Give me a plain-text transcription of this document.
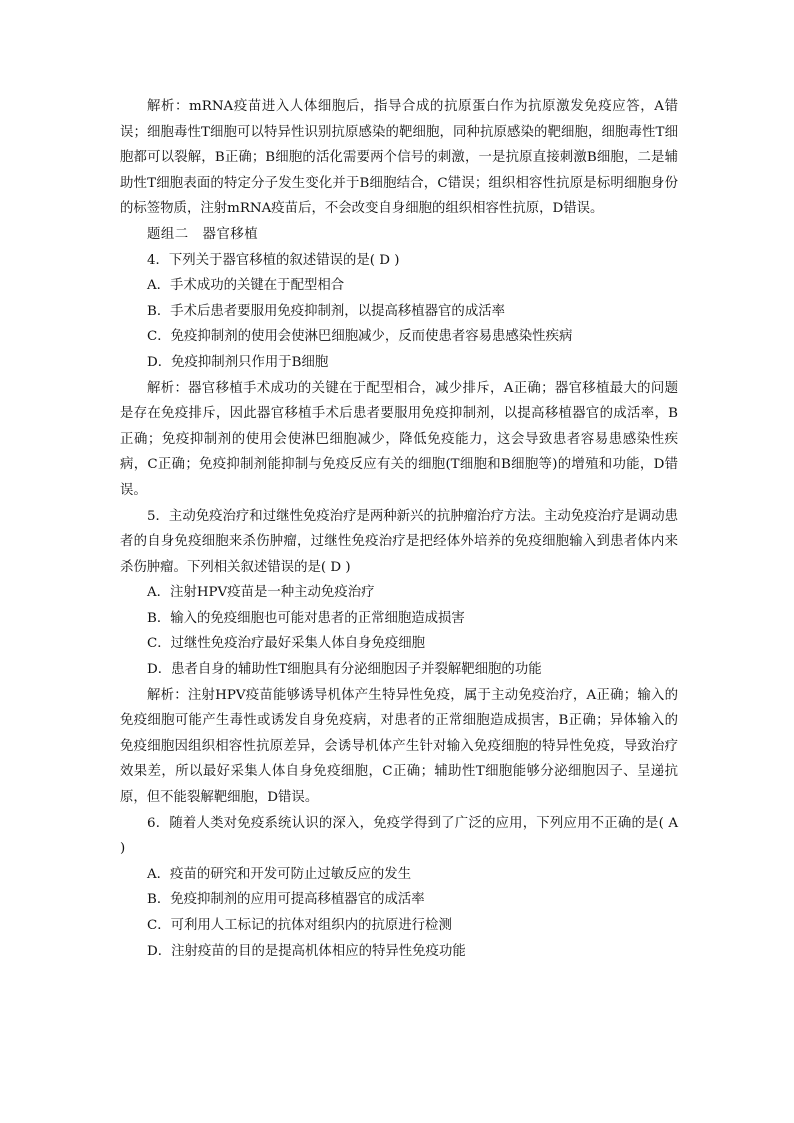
解析：mRNA疫苗进入人体细胞后，指导合成的抗原蛋白作为抗原激发免疫应答，A错误；细胞毒性T细胞可以特异性识别抗原感染的靶细胞，同种抗原感染的靶细胞，细胞毒性T细胞都可以裂解，B正确；B细胞的活化需要两个信号的刺激，一是抗原直接刺激B细胞，二是辅助性T细胞表面的特定分子发生变化并于B细胞结合，C错误；组织相容性抗原是标明细胞身份的标签物质，注射mRNA疫苗后，不会改变自身细胞的组织相容性抗原，D错误。

题组二　器官移植

4．下列关于器官移植的叙述错误的是( D )

A．手术成功的关键在于配型相合

B．手术后患者要服用免疫抑制剂，以提高移植器官的成活率

C．免疫抑制剂的使用会使淋巴细胞减少，反而使患者容易患感染性疾病

D．免疫抑制剂只作用于B细胞

解析：器官移植手术成功的关键在于配型相合，减少排斥，A正确；器官移植最大的问题是存在免疫排斥，因此器官移植手术后患者要服用免疫抑制剂，以提高移植器官的成活率，B正确；免疫抑制剂的使用会使淋巴细胞减少，降低免疫能力，这会导致患者容易患感染性疾病，C正确；免疫抑制剂能抑制与免疫反应有关的细胞(T细胞和B细胞等)的增殖和功能，D错误。

5．主动免疫治疗和过继性免疫治疗是两种新兴的抗肿瘤治疗方法。主动免疫治疗是调动患者的自身免疫细胞来杀伤肿瘤，过继性免疫治疗是把经体外培养的免疫细胞输入到患者体内来杀伤肿瘤。下列相关叙述错误的是( D )

A．注射HPV疫苗是一种主动免疫治疗

B．输入的免疫细胞也可能对患者的正常细胞造成损害

C．过继性免疫治疗最好采集人体自身免疫细胞

D．患者自身的辅助性T细胞具有分泌细胞因子并裂解靶细胞的功能

解析：注射HPV疫苗能够诱导机体产生特异性免疫，属于主动免疫治疗，A正确；输入的免疫细胞可能产生毒性或诱发自身免疫病，对患者的正常细胞造成损害，B正确；异体输入的免疫细胞因组织相容性抗原差异，会诱导机体产生针对输入免疫细胞的特异性免疫，导致治疗效果差，所以最好采集人体自身免疫细胞，C正确；辅助性T细胞能够分泌细胞因子、呈递抗原，但不能裂解靶细胞，D错误。

6．随着人类对免疫系统认识的深入，免疫学得到了广泛的应用，下列应用不正确的是( A )

A．疫苗的研究和开发可防止过敏反应的发生

B．免疫抑制剂的应用可提高移植器官的成活率

C．可利用人工标记的抗体对组织内的抗原进行检测

D．注射疫苗的目的是提高机体相应的特异性免疫功能
